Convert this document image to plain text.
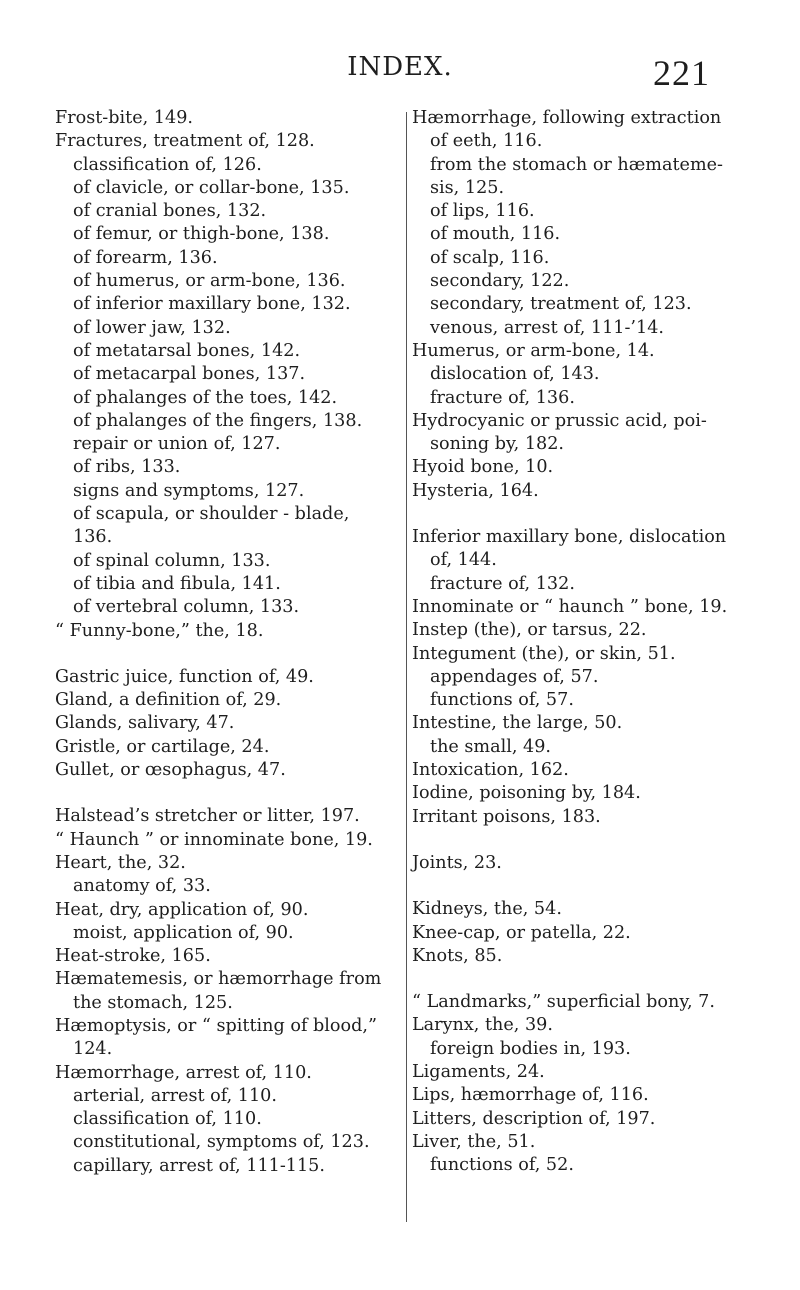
INDEX.	221
Frost-bite, 149.
Fractures, treatment of, 128.
classification of, 126.
of clavicle, or collar-bone, 135.
of cranial bones, 132.
of femur, or thigh-bone, 138.
of forearm, 136.
of humerus, or arm-bone, 136.
of inferior maxillary bone, 132.
of lower jaw, 132.
of metatarsal bones, 142.
of metacarpal bones, 137.
of phalanges of the toes, 142.
of phalanges of the fingers, 138.
repair or union of, 127.
of ribs, 133.
signs and symptoms, 127.
of scapula, or shoulder - blade,
136.
of spinal column, 133.
of tibia and fibula, 141.
of vertebral column, 133.
“ Funny-bone,” the, 18.
Gastric juice, function of, 49.
Gland, a definition of, 29.
Glands, salivary, 47.
Gristle, or cartilage, 24.
Gullet, or œsophagus, 47.
Halstead’s stretcher or litter, 197.
“ Haunch ” or innominate bone, 19.
Heart, the, 32.
anatomy of, 33.
Heat, dry, application of, 90.
moist, application of, 90.
Heat-stroke, 165.
Hæmatemesis, or hæmorrhage from
the stomach, 125.
Hæmoptysis, or “ spitting of blood,”
124.
Hæmorrhage, arrest of, 110.
arterial, arrest of, 110.
classification of, 110.
constitutional, symptoms of, 123.
capillary, arrest of, 111-115.
Hæmorrhage, following extraction
of eeth, 116.
from the stomach or hæmateme-
sis, 125.
of lips, 116.
of mouth, 116.
of scalp, 116.
secondary, 122.
secondary, treatment of, 123.
venous, arrest of, 111-’14.
Humerus, or arm-bone, 14.
dislocation of, 143.
fracture of, 136.
Hydrocyanic or prussic acid, poi-
soning by, 182.
Hyoid bone, 10.
Hysteria, 164.
Inferior maxillary bone, dislocation
of, 144.
fracture of, 132.
Innominate or “ haunch ” bone, 19.
Instep (the), or tarsus, 22.
Integument (the), or skin, 51.
appendages of, 57.
functions of, 57.
Intestine, the large, 50.
the small, 49.
Intoxication, 162.
Iodine, poisoning by, 184.
Irritant poisons, 183.
Joints, 23.
Kidneys, the, 54.
Knee-cap, or patella, 22.
Knots, 85.
“ Landmarks,” superficial bony, 7.
Larynx, the, 39.
foreign bodies in, 193.
Ligaments, 24.
Lips, hæmorrhage of, 116.
Litters, description of, 197.
Liver, the, 51.
functions of, 52.
